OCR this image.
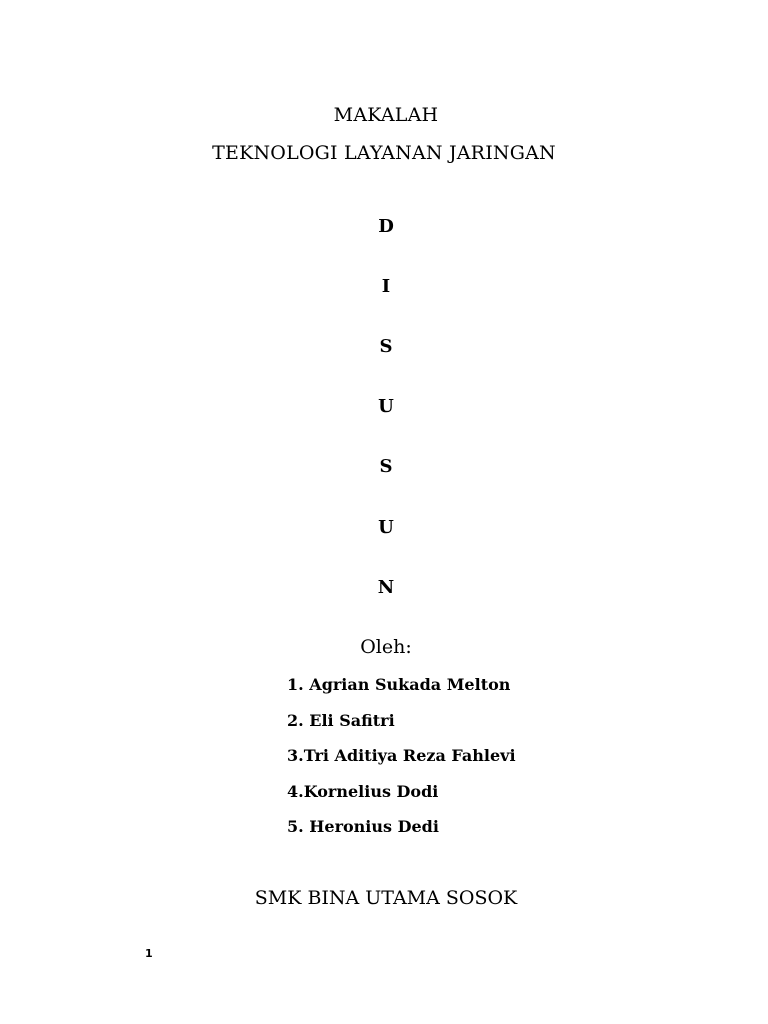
MAKALAH
TEKNOLOGI LAYANAN JARINGAN
D
I
S
U
S
U
N
Oleh:
1. Agrian Sukada Melton
2. Eli Safitri
3.Tri Aditiya Reza Fahlevi
4.Kornelius Dodi
5. Heronius Dedi
SMK BINA UTAMA SOSOK
1
